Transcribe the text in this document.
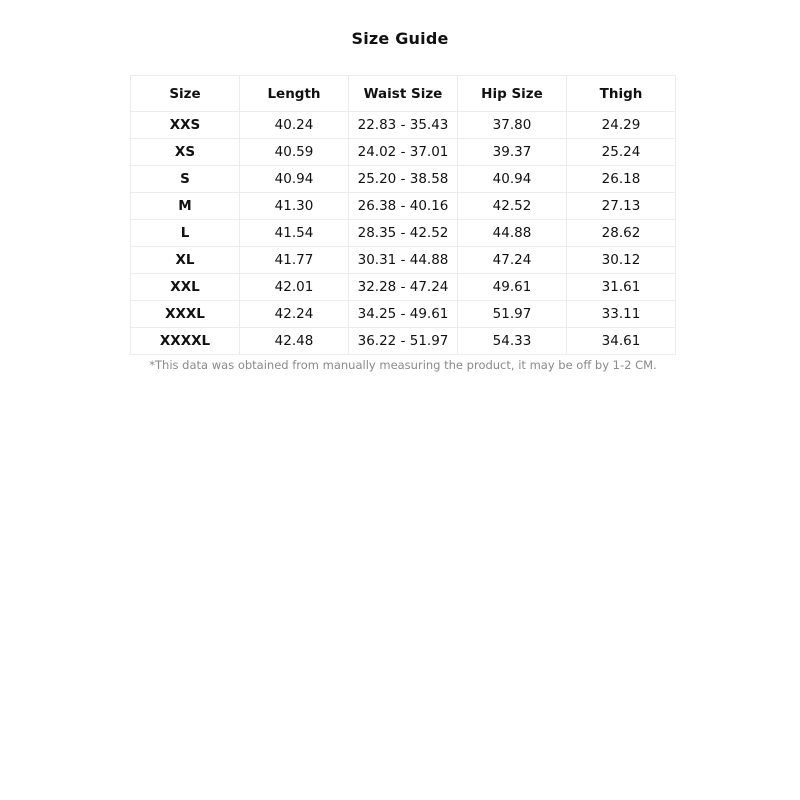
Size Guide
Size	Length	Waist Size	Hip Size	Thigh
XXS	40.24	22.83 - 35.43	37.80	24.29
XS	40.59	24.02 - 37.01	39.37	25.24
S	40.94	25.20 - 38.58	40.94	26.18
M	41.30	26.38 - 40.16	42.52	27.13
L	41.54	28.35 - 42.52	44.88	28.62
XL	41.77	30.31 - 44.88	47.24	30.12
XXL	42.01	32.28 - 47.24	49.61	31.61
XXXL	42.24	34.25 - 49.61	51.97	33.11
XXXXL	42.48	36.22 - 51.97	54.33	34.61
*This data was obtained from manually measuring the product, it may be off by 1-2 CM.
